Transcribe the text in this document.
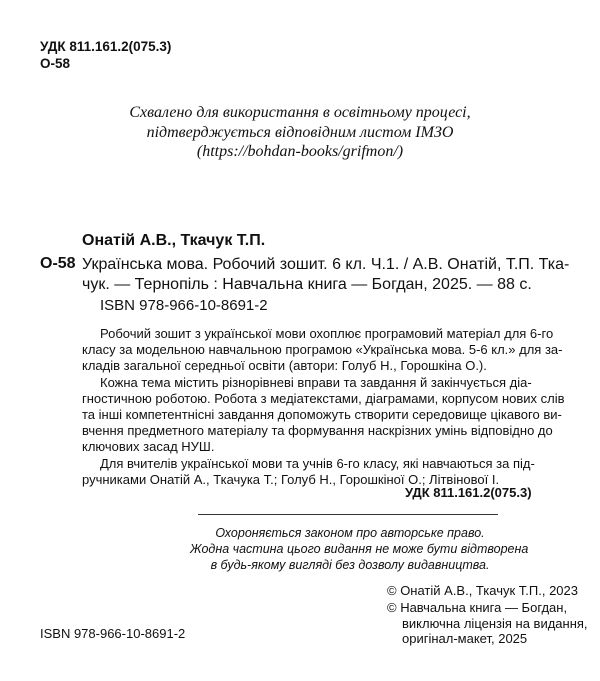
УДК 811.161.2(075.3)
О-58
Схвалено для використання в освітньому процесі,
підтверджується відповідним листом ІМЗО
(https://bohdan-books/grifmon/)
Онатій А.В., Ткачук Т.П.
О-58 Українська мова. Робочий зошит. 6 кл. Ч.1. / А.В. Онатій, Т.П. Тка-
чук. — Тернопіль : Навчальна книга — Богдан, 2025. — 88 с.
ISBN 978-966-10-8691-2
Робочий зошит з української мови охоплює програмовий матеріал для 6-го
класу за модельною навчальною програмою «Українська мова. 5-6 кл.» для за-
кладів загальної середньої освіти (автори: Голуб Н., Горошкіна О.).
Кожна тема містить різнорівневі вправи та завдання й закінчується діа-
гностичною роботою. Робота з медіатекстами, діаграмами, корпусом нових слів
та інші компетентнісні завдання допоможуть створити середовище цікавого ви-
вчення предметного матеріалу та формування наскрізних умінь відповідно до
ключових засад НУШ.
Для вчителів української мови та учнів 6-го класу, які навчаються за під-
ручниками Онатій А., Ткачука Т.; Голуб Н., Горошкіної О.; Літвінової І.
УДК 811.161.2(075.3)
Охороняється законом про авторське право.
Жодна частина цього видання не може бути відтворена
в будь-якому вигляді без дозволу видавництва.
© Онатій А.В., Ткачук Т.П., 2023
© Навчальна книга — Богдан,
виключна ліцензія на видання,
оригінал-макет, 2025
ISBN 978-966-10-8691-2
